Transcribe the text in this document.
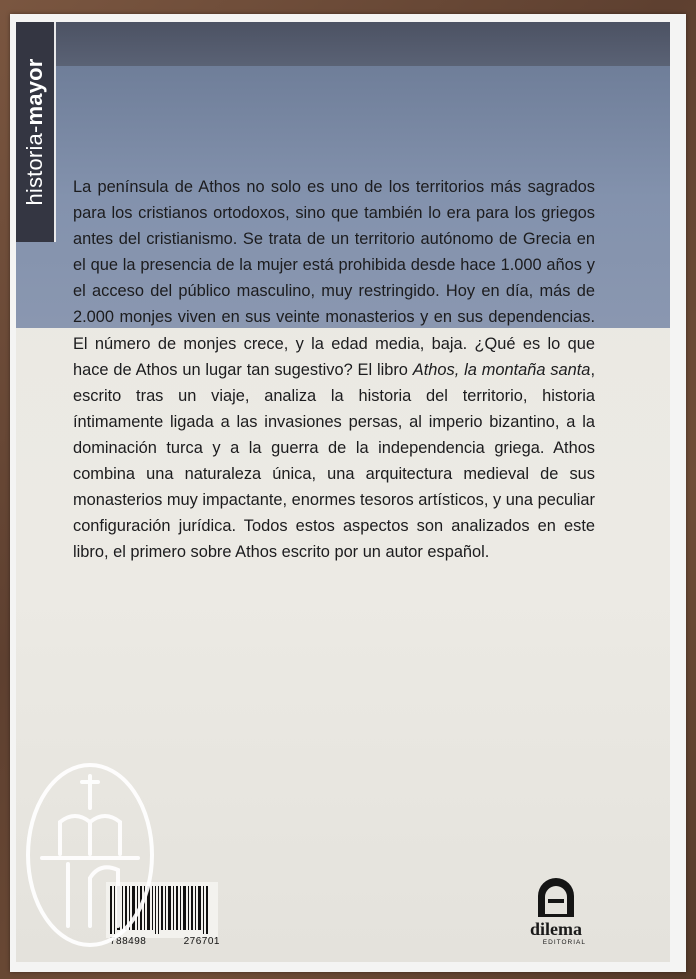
historia-mayor

La península de Athos no solo es uno de los territorios más sagrados para los cristianos ortodoxos, sino que también lo era para los griegos antes del cristianismo. Se trata de un territorio autónomo de Grecia en el que la presencia de la mujer está prohibida desde hace 1.000 años y el acceso del público masculino, muy restringido. Hoy en día, más de 2.000 monjes viven en sus veinte monasterios y en sus dependencias. El número de monjes crece, y la edad media, baja. ¿Qué es lo que hace de Athos un lugar tan sugestivo? El libro Athos, la montaña santa, escrito tras un viaje, analiza la historia del territorio, historia íntimamente ligada a las invasiones persas, al imperio bizantino, a la dominación turca y a la guerra de la independencia griega. Athos combina una naturaleza única, una arquitectura medieval de sus monasterios muy impactante, enormes tesoros artísticos, y una peculiar configuración jurídica. Todos estos aspectos son analizados en este libro, el primero sobre Athos escrito por un autor español.

788498	276701
dilema
EDITORIAL
